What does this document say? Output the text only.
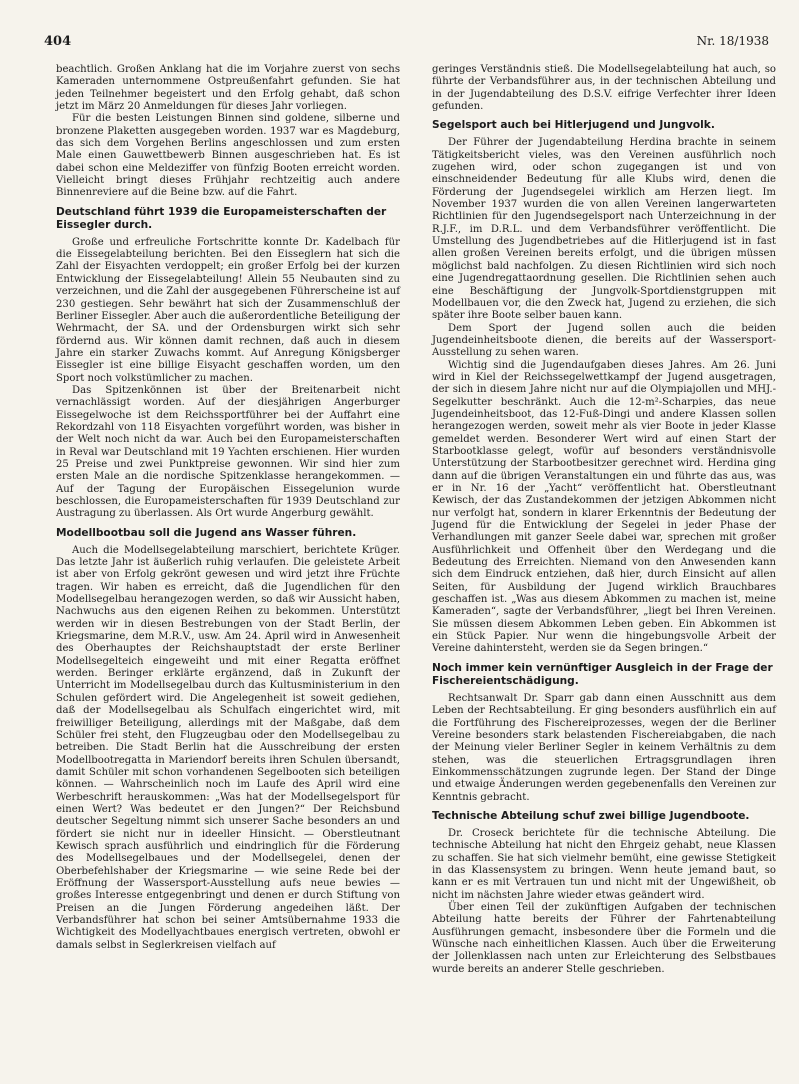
404	Nr. 18/1938

beachtlich. Großen Anklang hat die im Vorjahre zuerst von sechs Kameraden unternommene Ostpreußenfahrt gefunden. Sie hat jeden Teilnehmer begeistert und den Erfolg gehabt, daß schon jetzt im März 20 Anmeldungen für dieses Jahr vorliegen.

Für die besten Leistungen Binnen sind goldene, silberne und bronzene Plaketten ausgegeben worden. 1937 war es Magdeburg, das sich dem Vorgehen Berlins angeschlossen und zum ersten Male einen Gauwettbewerb Binnen ausgeschrieben hat. Es ist dabei schon eine Meldeziffer von fünfzig Booten erreicht worden. Vielleicht bringt dieses Frühjahr rechtzeitig auch andere Binnenreviere auf die Beine bzw. auf die Fahrt.

Deutschland führt 1939 die Europameisterschaften der Eissegler durch.

Große und erfreuliche Fortschritte konnte Dr. Kadelbach für die Eissegelabteilung berichten. Bei den Eisseglern hat sich die Zahl der Eisyachten verdoppelt; ein großer Erfolg bei der kurzen Entwicklung der Eissegelabteilung! Allein 55 Neubauten sind zu verzeichnen, und die Zahl der ausgegebenen Führerscheine ist auf 230 gestiegen. Sehr bewährt hat sich der Zusammenschluß der Berliner Eissegler. Aber auch die außerordentliche Beteiligung der Wehrmacht, der SA. und der Ordensburgen wirkt sich sehr fördernd aus. Wir können damit rechnen, daß auch in diesem Jahre ein starker Zuwachs kommt. Auf Anregung Königsberger Eissegler ist eine billige Eisyacht geschaffen worden, um den Sport noch volkstümlicher zu machen.

Das Spitzenkönnen ist über der Breitenarbeit nicht vernachlässigt worden. Auf der diesjährigen Angerburger Eissegelwoche ist dem Reichssportführer bei der Auffahrt eine Rekordzahl von 118 Eisyachten vorgeführt worden, was bisher in der Welt noch nicht da war. Auch bei den Europameisterschaften in Reval war Deutschland mit 19 Yachten erschienen. Hier wurden 25 Preise und zwei Punktpreise gewonnen. Wir sind hier zum ersten Male an die nordische Spitzenklasse herangekommen. — Auf der Tagung der Europäischen Eissegelunion wurde beschlossen, die Europameisterschaften für 1939 Deutschland zur Austragung zu überlassen. Als Ort wurde Angerburg gewählt.

Modellbootbau soll die Jugend ans Wasser führen.

Auch die Modellsegelabteilung marschiert, berichtete Krüger. Das letzte Jahr ist äußerlich ruhig verlaufen. Die geleistete Arbeit ist aber von Erfolg gekrönt gewesen und wird jetzt ihre Früchte tragen. Wir haben es erreicht, daß die Jugendlichen für den Modellsegelbau herangezogen werden, so daß wir Aussicht haben, Nachwuchs aus den eigenen Reihen zu bekommen. Unterstützt werden wir in diesen Bestrebungen von der Stadt Berlin, der Kriegsmarine, dem M.R.V., usw. Am 24. April wird in Anwesenheit des Oberhauptes der Reichshauptstadt der erste Berliner Modellsegelteich eingeweiht und mit einer Regatta eröffnet werden. Beringer erklärte ergänzend, daß in Zukunft der Unterricht im Modellsegelbau durch das Kultusministerium in den Schulen gefördert wird. Die Angelegenheit ist soweit gediehen, daß der Modellsegelbau als Schulfach eingerichtet wird, mit freiwilliger Beteiligung, allerdings mit der Maßgabe, daß dem Schüler frei steht, den Flugzeugbau oder den Modellsegelbau zu betreiben. Die Stadt Berlin hat die Ausschreibung der ersten Modellbootregatta in Mariendorf bereits ihren Schulen übersandt, damit Schüler mit schon vorhandenen Segelbooten sich beteiligen können. — Wahrscheinlich noch im Laufe des April wird eine Werbeschrift herauskommen: „Was hat der Modellsegelsport für einen Wert? Was bedeutet er den Jungen?“ Der Reichsbund deutscher Segeltung nimmt sich unserer Sache besonders an und fördert sie nicht nur in ideeller Hinsicht. — Oberstleutnant Kewisch sprach ausführlich und eindringlich für die Förderung des Modellsegelbaues und der Modellsegelei, denen der Oberbefehlshaber der Kriegsmarine — wie seine Rede bei der Eröffnung der Wassersport-Ausstellung aufs neue bewies — großes Interesse entgegenbringt und denen er durch Stiftung von Preisen an die Jungen Förderung angedeihen läßt. Der Verbandsführer hat schon bei seiner Amtsübernahme 1933 die Wichtigkeit des Modellyachtbaues energisch vertreten, obwohl er damals selbst in Seglerkreisen vielfach auf

geringes Verständnis stieß. Die Modellsegelabteilung hat auch, so führte der Verbandsführer aus, in der technischen Abteilung und in der Jugendabteilung des D.S.V. eifrige Verfechter ihrer Ideen gefunden.

Segelsport auch bei Hitlerjugend und Jungvolk.

Der Führer der Jugendabteilung Herdina brachte in seinem Tätigkeitsbericht vieles, was den Vereinen ausführlich noch zugehen wird, oder schon zugegangen ist und von einschneidender Bedeutung für alle Klubs wird, denen die Förderung der Jugendsegelei wirklich am Herzen liegt. Im November 1937 wurden die von allen Vereinen langerwarteten Richtlinien für den Jugendsegelsport nach Unterzeichnung in der R.J.F., im D.R.L. und dem Verbandsführer veröffentlicht. Die Umstellung des Jugendbetriebes auf die Hitlerjugend ist in fast allen großen Vereinen bereits erfolgt, und die übrigen müssen möglichst bald nachfolgen. Zu diesen Richtlinien wird sich noch eine Jugendregattaordnung gesellen. Die Richtlinien sehen auch eine Beschäftigung der Jungvolk-Sportdienstgruppen mit Modellbauen vor, die den Zweck hat, Jugend zu erziehen, die sich später ihre Boote selber bauen kann.

Dem Sport der Jugend sollen auch die beiden Jugendeinheitsboote dienen, die bereits auf der Wassersport-Ausstellung zu sehen waren.

Wichtig sind die Jugendaufgaben dieses Jahres. Am 26. Juni wird in Kiel der Reichssegelwettkampf der Jugend ausgetragen, der sich in diesem Jahre nicht nur auf die Olympiajollen und MHJ.-Segelkutter beschränkt. Auch die 12-m²-Scharpies, das neue Jugendeinheitsboot, das 12-Fuß-Dingi und andere Klassen sollen herangezogen werden, soweit mehr als vier Boote in jeder Klasse gemeldet werden. Besonderer Wert wird auf einen Start der Starbootklasse gelegt, wofür auf besonders verständnisvolle Unterstützung der Starbootbesitzer gerechnet wird. Herdina ging dann auf die übrigen Veranstaltungen ein und führte das aus, was er in Nr. 16 der „Yacht“ veröffentlicht hat. Oberstleutnant Kewisch, der das Zustandekommen der jetzigen Abkommen nicht nur verfolgt hat, sondern in klarer Erkenntnis der Bedeutung der Jugend für die Entwicklung der Segelei in jeder Phase der Verhandlungen mit ganzer Seele dabei war, sprechen mit großer Ausführlichkeit und Offenheit über den Werdegang und die Bedeutung des Erreichten. Niemand von den Anwesenden kann sich dem Eindruck entziehen, daß hier, durch Einsicht auf allen Seiten, für Ausbildung der Jugend wirklich Brauchbares geschaffen ist. „Was aus diesem Abkommen zu machen ist, meine Kameraden“, sagte der Verbandsführer, „liegt bei Ihren Vereinen. Sie müssen diesem Abkommen Leben geben. Ein Abkommen ist ein Stück Papier. Nur wenn die hingebungsvolle Arbeit der Vereine dahintersteht, werden sie da Segen bringen.“

Noch immer kein vernünftiger Ausgleich in der Frage der Fischereientschädigung.

Rechtsanwalt Dr. Sparr gab dann einen Ausschnitt aus dem Leben der Rechtsabteilung. Er ging besonders ausführlich ein auf die Fortführung des Fischereiprozesses, wegen der die Berliner Vereine besonders stark belastenden Fischereiabgaben, die nach der Meinung vieler Berliner Segler in keinem Verhältnis zu dem stehen, was die steuerlichen Ertragsgrundlagen ihren Einkommensschätzungen zugrunde legen. Der Stand der Dinge und etwaige Änderungen werden gegebenenfalls den Vereinen zur Kenntnis gebracht.

Technische Abteilung schuf zwei billige Jugendboote.

Dr. Croseck berichtete für die technische Abteilung. Die technische Abteilung hat nicht den Ehrgeiz gehabt, neue Klassen zu schaffen. Sie hat sich vielmehr bemüht, eine gewisse Stetigkeit in das Klassensystem zu bringen. Wenn heute jemand baut, so kann er es mit Vertrauen tun und nicht mit der Ungewißheit, ob nicht im nächsten Jahre wieder etwas geändert wird.

Über einen Teil der zukünftigen Aufgaben der technischen Abteilung hatte bereits der Führer der Fahrtenabteilung Ausführungen gemacht, insbesondere über die Formeln und die Wünsche nach einheitlichen Klassen. Auch über die Erweiterung der Jollenklassen nach unten zur Erleichterung des Selbstbaues wurde bereits an anderer Stelle geschrieben.
